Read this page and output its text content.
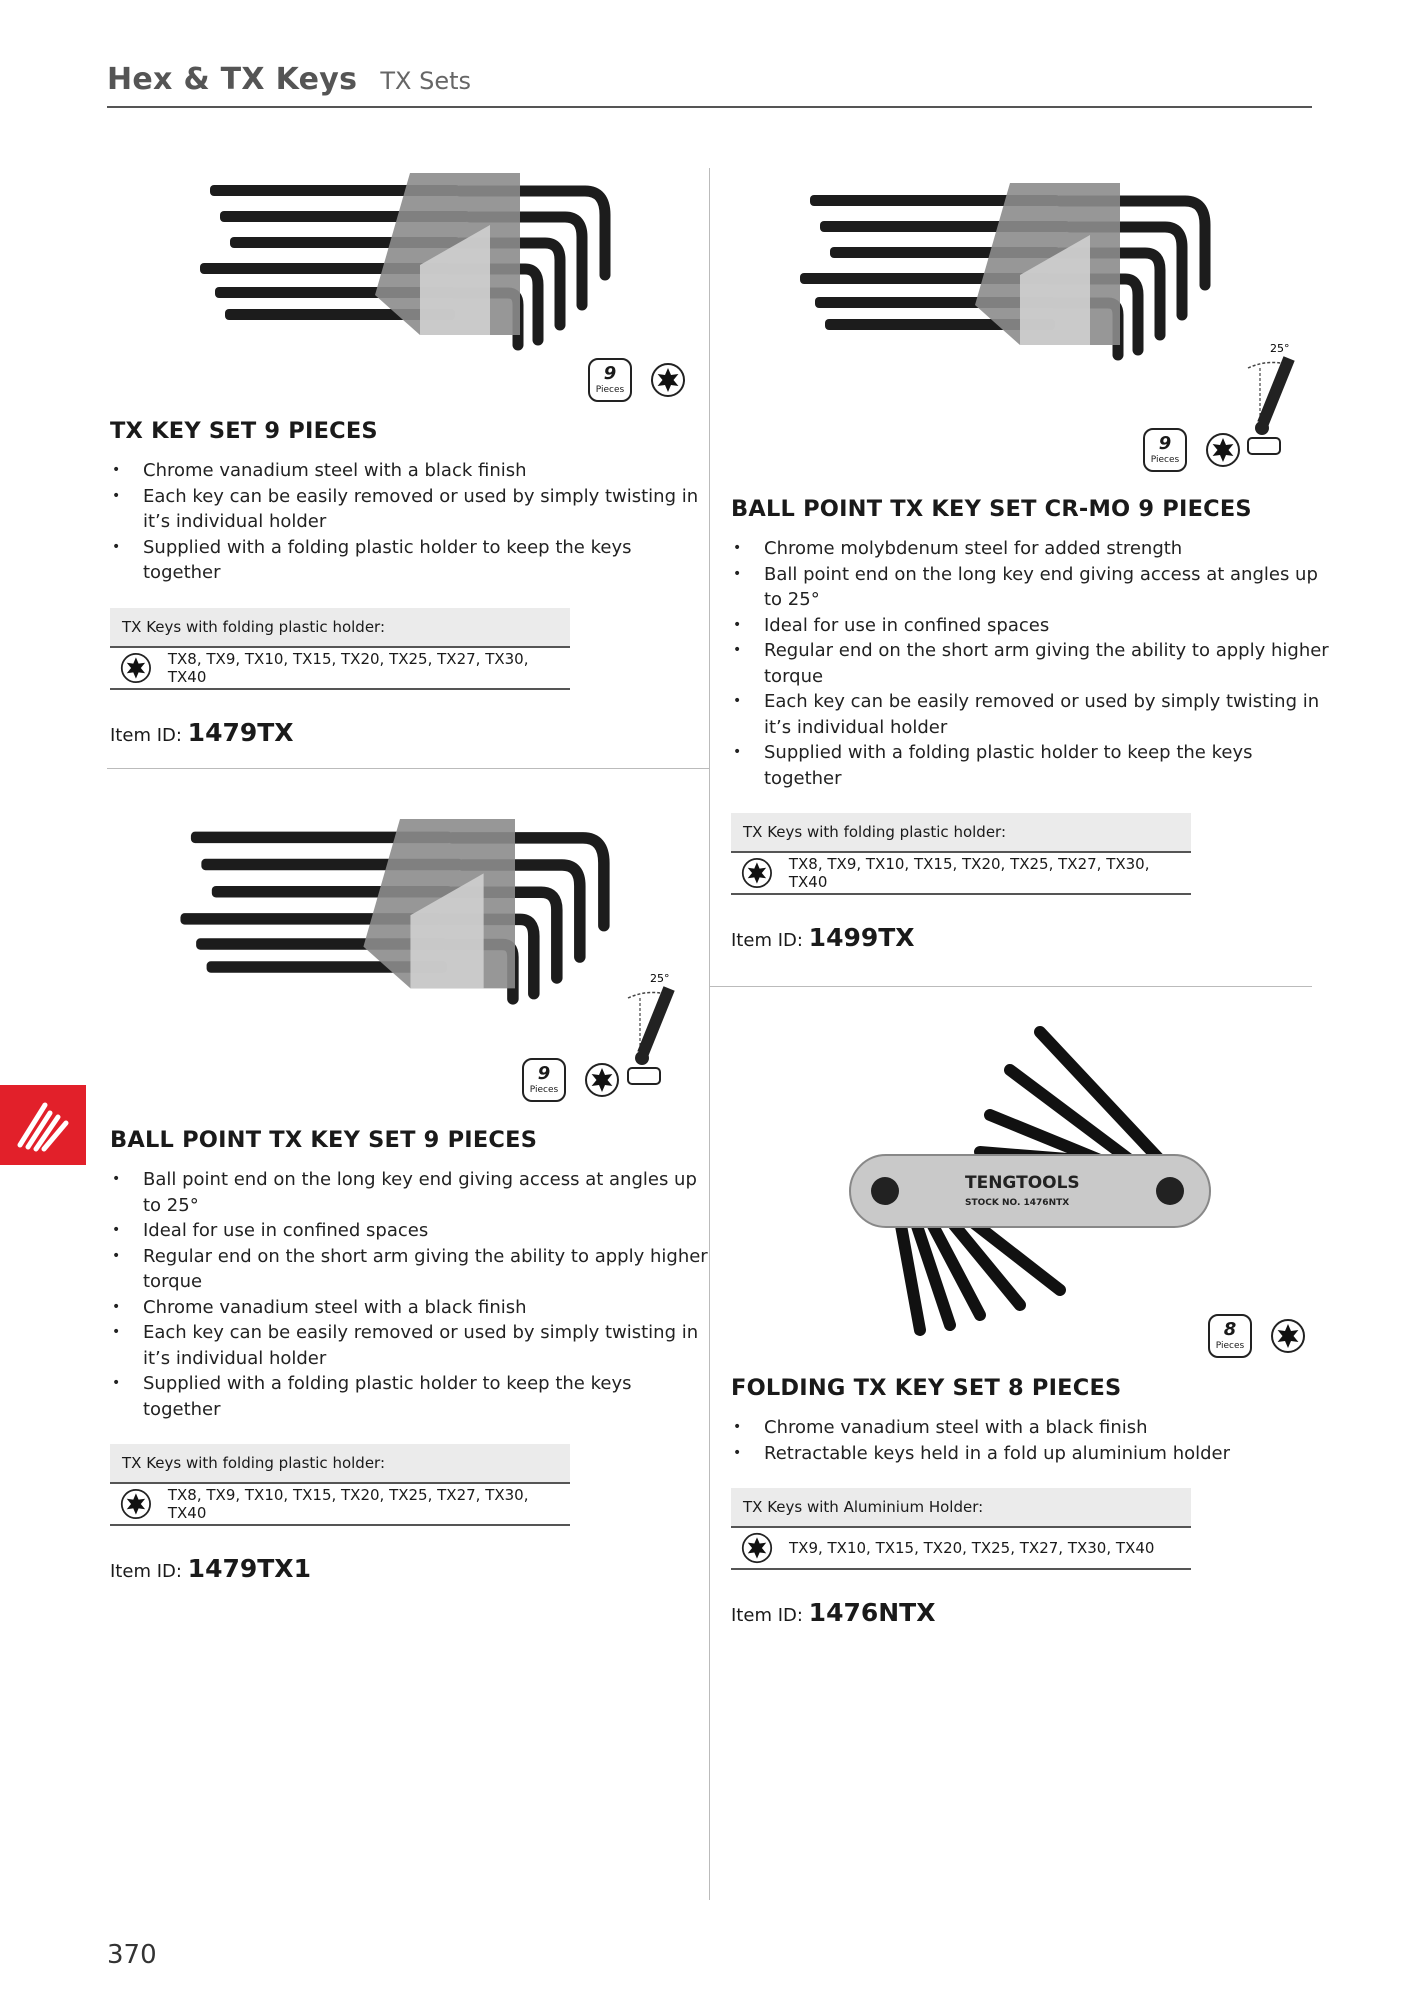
Hex & TX Keys TX Sets
9
Pieces
TX KEY SET 9 PIECES
• Chrome vanadium steel with a black finish
• Each key can be easily removed or used by simply twisting in it’s individual holder
• Supplied with a folding plastic holder to keep the keys together
TX Keys with folding plastic holder:
TX8, TX9, TX10, TX15, TX20, TX25, TX27, TX30, TX40
Item ID: 1479TX
25°
9
Pieces
BALL POINT TX KEY SET CR-MO 9 PIECES
• Chrome molybdenum steel for added strength
• Ball point end on the long key end giving access at angles up to 25°
• Ideal for use in confined spaces
• Regular end on the short arm giving the ability to apply higher torque
• Each key can be easily removed or used by simply twisting in it’s individual holder
• Supplied with a folding plastic holder to keep the keys together
TX Keys with folding plastic holder:
TX8, TX9, TX10, TX15, TX20, TX25, TX27, TX30, TX40
Item ID: 1499TX
25°
9
Pieces
BALL POINT TX KEY SET 9 PIECES
• Ball point end on the long key end giving access at angles up to 25°
• Ideal for use in confined spaces
• Regular end on the short arm giving the ability to apply higher torque
• Chrome vanadium steel with a black finish
• Each key can be easily removed or used by simply twisting in it’s individual holder
• Supplied with a folding plastic holder to keep the keys together
TX Keys with folding plastic holder:
TX8, TX9, TX10, TX15, TX20, TX25, TX27, TX30, TX40
Item ID: 1479TX1
TENGTOOLS
STOCK NO. 1476NTX
8
Pieces
FOLDING TX KEY SET 8 PIECES
• Chrome vanadium steel with a black finish
• Retractable keys held in a fold up aluminium holder
TX Keys with Aluminium Holder:
TX9, TX10, TX15, TX20, TX25, TX27, TX30, TX40
Item ID: 1476NTX
370
